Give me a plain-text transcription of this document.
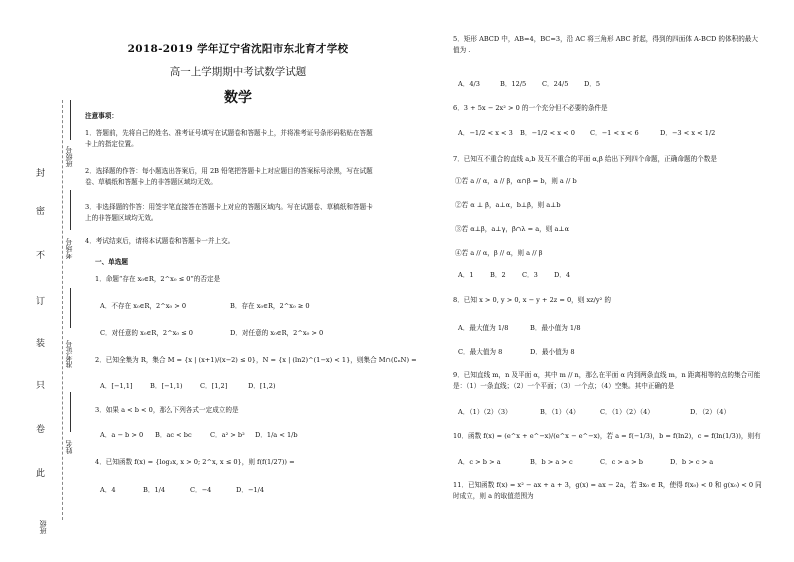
封
密
不
订
装
只
卷
此
班级号
考场号
准考证号
姓名
班级
2018-2019 学年辽宁省沈阳市东北育才学校
高一上学期期中考试数学试题
数学
注意事项：
1．答题前，先将自己的姓名、准考证号填写在试题卷和答题卡上，并将准考证号条形码粘贴在答题卡上的指定位置。
2．选择题的作答：每小题选出答案后，用 2B 铅笔把答题卡上对应题目的答案标号涂黑，写在试题卷、草稿纸和答题卡上的非答题区域均无效。
3．非选择题的作答：用签字笔直接答在答题卡上对应的答题区域内。写在试题卷、草稿纸和答题卡上的非答题区域均无效。
4．考试结束后，请将本试题卷和答题卡一并上交。
一、单选题
1．命题“存在 x₀∈R，2^x₀ ≤ 0”的否定是
A．不存在 x₀∈R，2^x₀ > 0	B．存在 x₀∈R，2^x₀ ≥ 0
C．对任意的 x₀∈R，2^x₀ ≤ 0	D．对任意的 x₀∈R，2^x₀ > 0
2．已知全集为 R，集合 M = {x | (x+1)/(x−2) ≤ 0}，N = {x | (ln2)^(1−x) < 1}，则集合 M∩(∁ₙN) =
A．[−1,1]	B．[−1,1)	C．[1,2]	D．[1,2)
3．如果 a < b < 0，那么下列各式一定成立的是
A．a − b > 0 B．ac < bc	C．a² > b² D．1/a < 1/b
4．已知函数 f(x) = {log₃x, x > 0; 2^x, x ≤ 0}，则 f(f(1/27)) =
A．4	B．1/4	C．−4	D．−1/4
5．矩形 ABCD 中，AB=4，BC=3，沿 AC 将三角形 ABC 折起，得到的四面体 A-BCD 的体积的最大值为 .
A．4/3	B．12/5 C．24/5 D．5
6．3 + 5x − 2x² > 0 的一个充分但不必要的条件是
A．−1/2 < x < 3 B．−1/2 < x < 0 C．−1 < x < 6	D．−3 < x < 1/2
7．已知互不重合的直线 a,b 及互不重合的平面 α,β 给出下列四个命题，正确命题的个数是
①若 a // α，a // β，α∩β = b，则 a // b
②若 α ⊥ β，a⊥α，b⊥β，则 a⊥b
③若 α⊥β，a⊥γ，β∩λ = a，则 a⊥α
④若 a // α，β // α，则 a // β
A．1 B．2 C．3 D．4
8．已知 x > 0, y > 0, x − y + 2z = 0，则 xz/y² 的
A．最大值为 1/8	B．最小值为 1/8
C．最大值为 8	D．最小值为 8
9．已知直线 m，n 及平面 α，其中 m // n，那么在平面 α 内到两条直线 m，n 距离相等的点的集合可能是：（1）一条直线；（2）一个平面；（3）一个点；（4）空集。其中正确的是
A．（1）（2）（3）	B．（1）（4）	C．（1）（2）（4）	D．（2）（4）
10．函数 f(x) = (e^x + e^−x)/(e^x − e^−x)，若 a = f(−1/3)，b = f(ln2)，c = f(ln(1/3))，则有
A．c > b > a	B．b > a > c	C．c > a > b	D．b > c > a
11．已知函数 f(x) = x² − ax + a + 3，g(x) = ax − 2a，若 ∃x₀ ∈ R，使得 f(x₀) < 0 和 g(x₀) < 0 同时成立，则 a 的取值范围为
